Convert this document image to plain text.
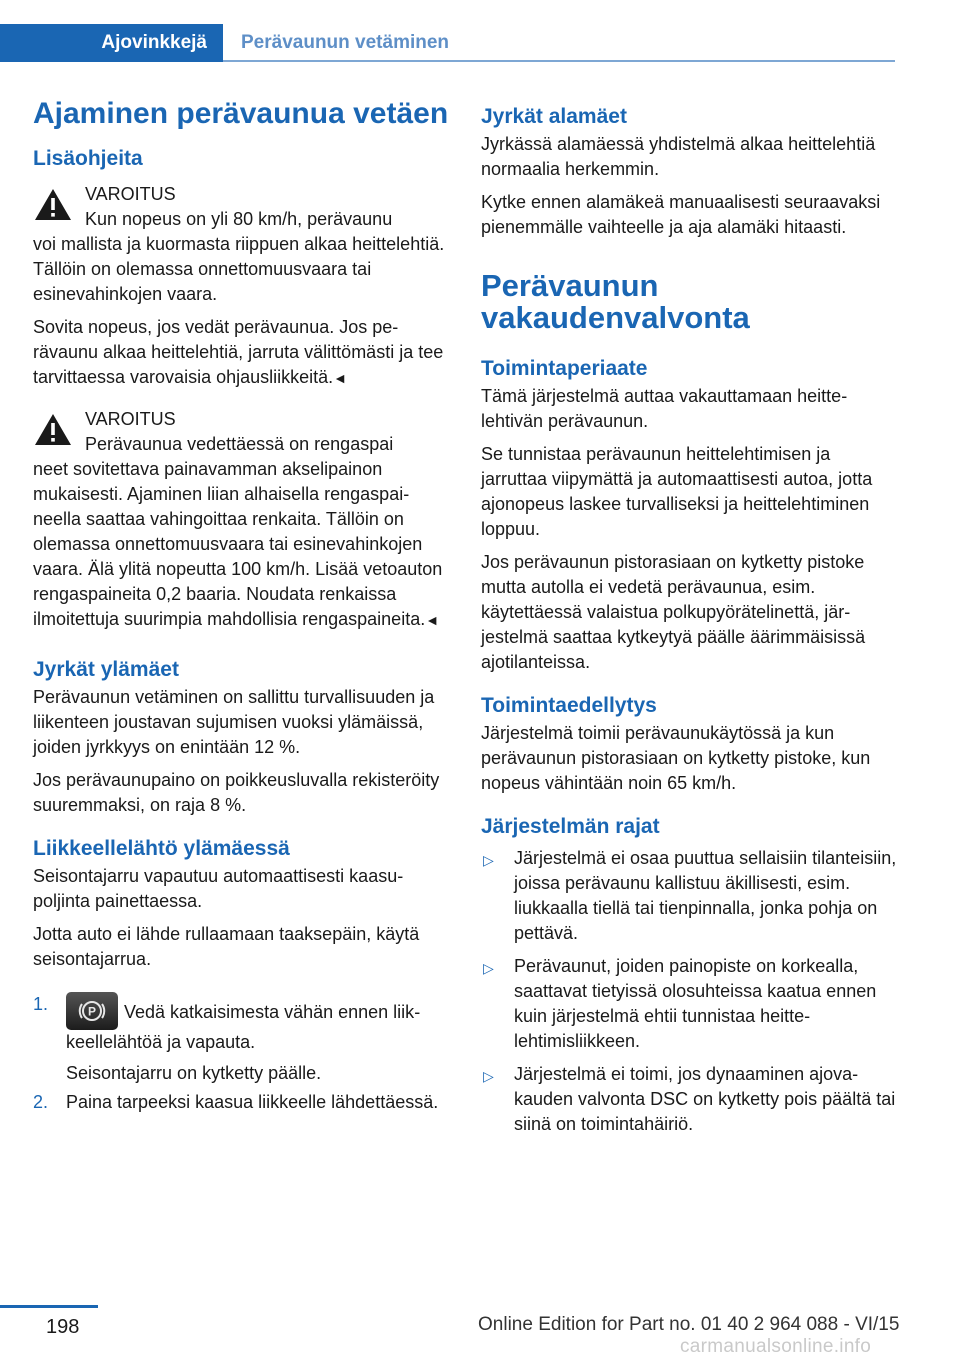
Ajovinkkejä	Perävaunun vetäminen
Ajaminen perävaunua vetäen
Lisäohjeita
VAROITUS
Kun nopeus on yli 80 km/h, perävaunu
voi mallista ja kuormasta riippuen alkaa heittelehtiä. Tällöin on olemassa onnettomuusvaara tai esinevahinkojen vaara.
Sovita nopeus, jos vedät perävaunua. Jos perävaunu alkaa heittelehtiä, jarruta välittömästi ja tee tarvittaessa varovaisia ohjausliikkeitä.◄
VAROITUS
Perävaunua vedettäessä on rengaspai
neet sovitettava painavamman akselipainon mukaisesti. Ajaminen liian alhaisella rengaspaineella saattaa vahingoittaa renkaita. Tällöin on olemassa onnettomuusvaara tai esinevahinkojen vaara. Älä ylitä nopeutta 100 km/h. Lisää vetoauton rengaspaineita 0,2 baaria. Noudata renkaissa ilmoitettuja suurimpia mahdollisia rengaspaineita.◄
Jyrkät ylämäet
Perävaunun vetäminen on sallittu turvallisuuden ja liikenteen joustavan sujumisen vuoksi ylämäissä, joiden jyrkkyys on enintään 12 %.
Jos perävaunupaino on poikkeusluvalla rekisteröity suuremmaksi, on raja 8 %.
Liikkeellelähtö ylämäessä
Seisontajarru vapautuu automaattisesti kaasupoljinta painettaessa.
Jotta auto ei lähde rullaamaan taaksepäin, käytä seisontajarrua.
1.	P Vedä katkaisimesta vähän ennen liikkeellelähtöä ja vapauta.
Seisontajarru on kytketty päälle.
2. Paina tarpeeksi kaasua liikkeelle lähdettäessä.
Jyrkät alamäet
Jyrkässä alamäessä yhdistelmä alkaa heittelehtiä normaalia herkemmin.
Kytke ennen alamäkeä manuaalisesti seuraavaksi pienemmälle vaihteelle ja aja alamäki hitaasti.
Perävaunun vakaudenvalvonta
Toimintaperiaate
Tämä järjestelmä auttaa vakauttamaan heittelehtivän perävaunun.
Se tunnistaa perävaunun heittelehtimisen ja jarruttaa viipymättä ja automaattisesti autoa, jotta ajonopeus laskee turvalliseksi ja heittelehtiminen loppuu.
Jos perävaunun pistorasiaan on kytketty pistoke mutta autolla ei vedetä perävaunua, esim. käytettäessä valaistua polkupyörätelinettä, järjestelmä saattaa kytkeytyä päälle äärimmäisissä ajotilanteissa.
Toimintaedellytys
Järjestelmä toimii perävaunukäytössä ja kun perävaunun pistorasiaan on kytketty pistoke, kun nopeus vähintään noin 65 km/h.
Järjestelmän rajat
▷ Järjestelmä ei osaa puuttua sellaisiin tilanteisiin, joissa perävaunu kallistuu äkillisesti, esim. liukkaalla tiellä tai tienpinnalla, jonka pohja on pettävä.
▷ Perävaunut, joiden painopiste on korkealla, saattavat tietyissä olosuhteissa kaatua ennen kuin järjestelmä ehtii tunnistaa heittelehtimisliikkeen.
▷ Järjestelmä ei toimi, jos dynaaminen ajovakauden valvonta DSC on kytketty pois päältä tai siinä on toimintahäiriö.
198	Online Edition for Part no. 01 40 2 964 088 - VI/15
carmanualsonline.info
